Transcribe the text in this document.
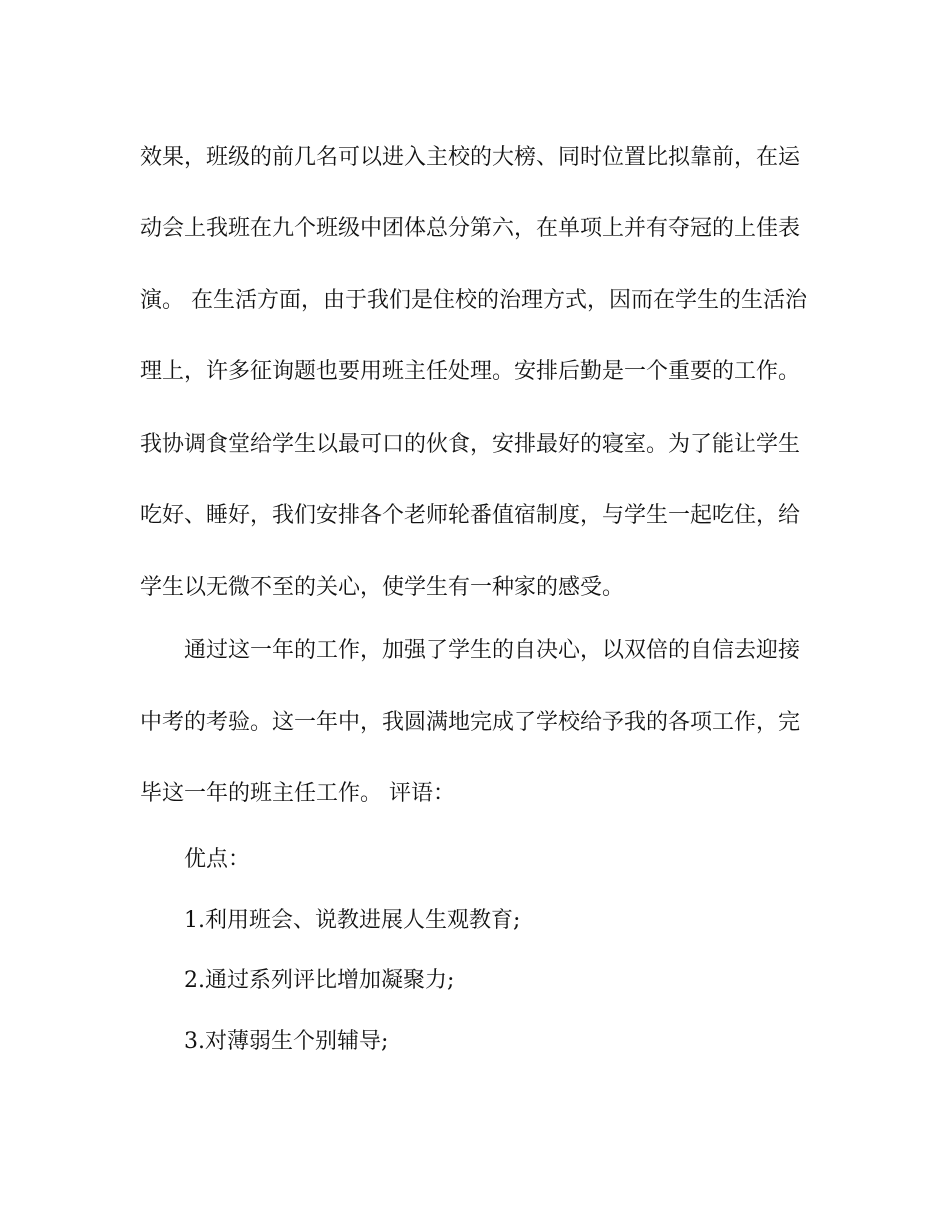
效果，班级的前几名可以进入主校的大榜、同时位置比拟靠前，在运
动会上我班在九个班级中团体总分第六，在单项上并有夺冠的上佳表
演。 在生活方面，由于我们是住校的治理方式，因而在学生的生活治
理上，许多征询题也要用班主任处理。安排后勤是一个重要的工作。
我协调食堂给学生以最可口的伙食，安排最好的寝室。为了能让学生
吃好、睡好，我们安排各个老师轮番值宿制度，与学生一起吃住，给
学生以无微不至的关心，使学生有一种家的感受。
通过这一年的工作，加强了学生的自决心，以双倍的自信去迎接
中考的考验。这一年中，我圆满地完成了学校给予我的各项工作，完
毕这一年的班主任工作。 评语：
优点：
1.利用班会、说教进展人生观教育;
2.通过系列评比增加凝聚力;
3.对薄弱生个别辅导;
